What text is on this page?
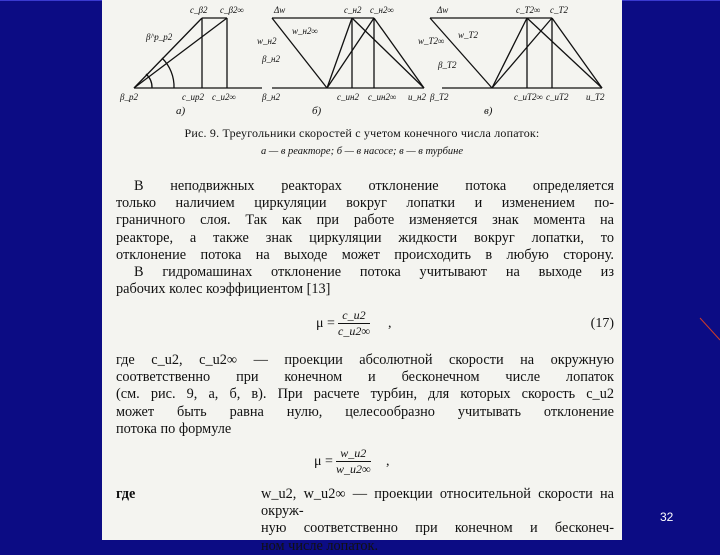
c_β2 c_β2∞
β^p_p2
β_p2	c_up2 c_u2∞
a)
Δw	c_н2 c_н2∞
w_н2
w_н2∞
β_н2
β_н2	c_uн2 c_uн2∞ u_н2
б)
Δw	c_T2∞ c_T2
w_T2∞
w_T2
β_T2
β_T2	c_uT2∞ c_uT2 u_T2
в)
Рис. 9. Треугольники скоростей с учетом конечного числа лопаток:
а — в реакторе; б — в насосе; в — в турбине
В неподвижных реакторах отклонение потока определяется
только наличием циркуляции вокруг лопатки и изменением по-
граничного слоя. Так как при работе изменяется знак момента на
реакторе, а также знак циркуляции жидкости вокруг лопатки, то
отклонение потока на выходе может происходить в любую сторону.
В гидромашинах отклонение потока учитывают на выходе из
рабочих колес коэффициентом [13]
$\mu = \frac{c\_u2}{c\_u2\infty}$ ,	(17)
где c_u2, c_u2∞ — проекции абсолютной скорости на окружную
соответственно при конечном и бесконечном числе лопаток
(см. рис. 9, а, б, в). При расчете турбин, для которых скорость c_u2
может быть равна нулю, целесообразно учитывать отклонение
потока по формуле
$\mu = \frac{w\_u2}{w\_u2\infty}$ ,
где	w_u2, w_u2∞ — проекции относительной скорости на окруж-
ную соответственно при конечном и бесконеч-
ном числе лопаток.
32
